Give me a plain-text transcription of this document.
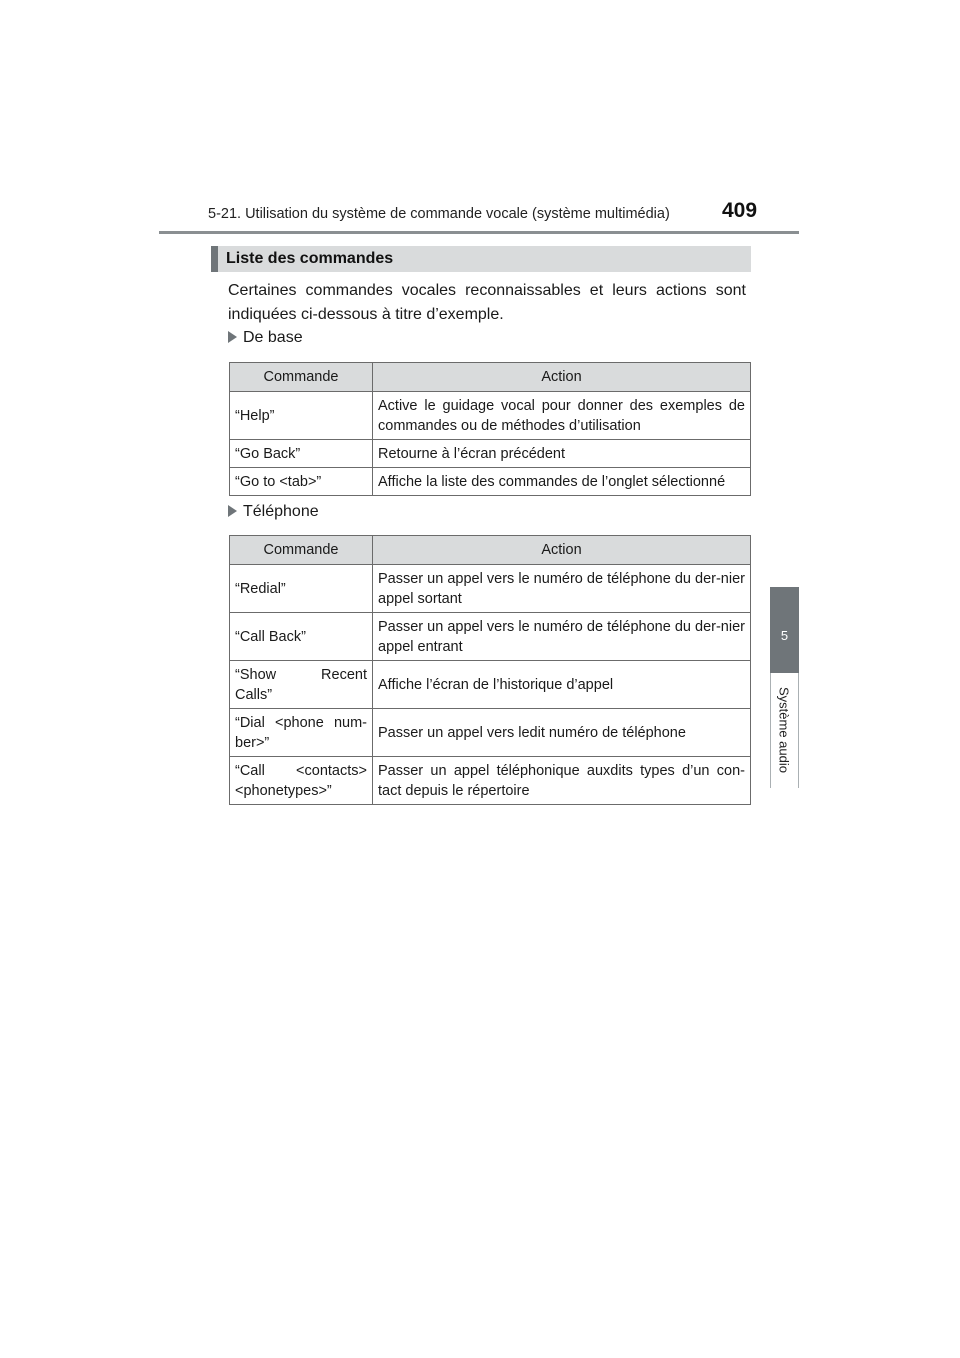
5-21. Utilisation du système de commande vocale (système multimédia) 409
5
Système audio
Liste des commandes
Certaines commandes vocales reconnaissables et leurs actions sont indiquées ci-dessous à titre d’exemple.
De base
Commande	Action
“Help”	Active le guidage vocal pour donner des exemples de commandes ou de méthodes d’utilisation
“Go Back”	Retourne à l’écran précédent
“Go to <tab>”	Affiche la liste des commandes de l’onglet sélectionné
Téléphone
Commande	Action
“Redial”	Passer un appel vers le numéro de téléphone du der-nier appel sortant
“Call Back”	Passer un appel vers le numéro de téléphone du der-nier appel entrant
“Show Recent Calls”	Affiche l’écran de l’historique d’appel
“Dial <phone num-ber>”	Passer un appel vers ledit numéro de téléphone
“Call <contacts> <phonetypes>”	Passer un appel téléphonique auxdits types d’un con-tact depuis le répertoire
